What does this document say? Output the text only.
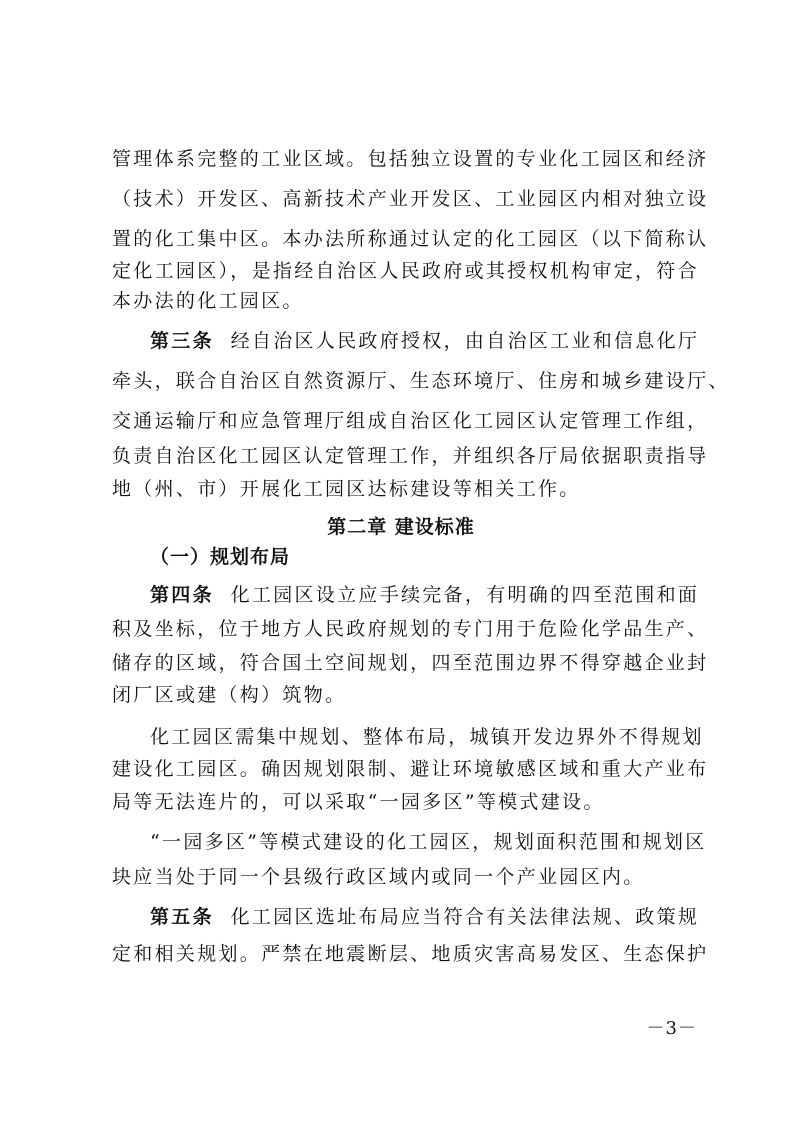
管理体系完整的工业区域。包括独立设置的专业化工园区和经济
（技术）开发区、高新技术产业开发区、工业园区内相对独立设
置的化工集中区。本办法所称通过认定的化工园区（以下简称认
定化工园区），是指经自治区人民政府或其授权机构审定，符合
本办法的化工园区。
第三条 经自治区人民政府授权，由自治区工业和信息化厅
牵头，联合自治区自然资源厅、生态环境厅、住房和城乡建设厅、
交通运输厅和应急管理厅组成自治区化工园区认定管理工作组，
负责自治区化工园区认定管理工作，并组织各厅局依据职责指导
地（州、市）开展化工园区达标建设等相关工作。
第二章 建设标准
（一）规划布局
第四条 化工园区设立应手续完备，有明确的四至范围和面
积及坐标，位于地方人民政府规划的专门用于危险化学品生产、
储存的区域，符合国土空间规划，四至范围边界不得穿越企业封
闭厂区或建（构）筑物。
化工园区需集中规划、整体布局，城镇开发边界外不得规划
建设化工园区。确因规划限制、避让环境敏感区域和重大产业布
局等无法连片的，可以采取“一园多区”等模式建设。
“一园多区”等模式建设的化工园区，规划面积范围和规划区
块应当处于同一个县级行政区域内或同一个产业园区内。
第五条 化工园区选址布局应当符合有关法律法规、政策规
定和相关规划。严禁在地震断层、地质灾害高易发区、生态保护
－3－
